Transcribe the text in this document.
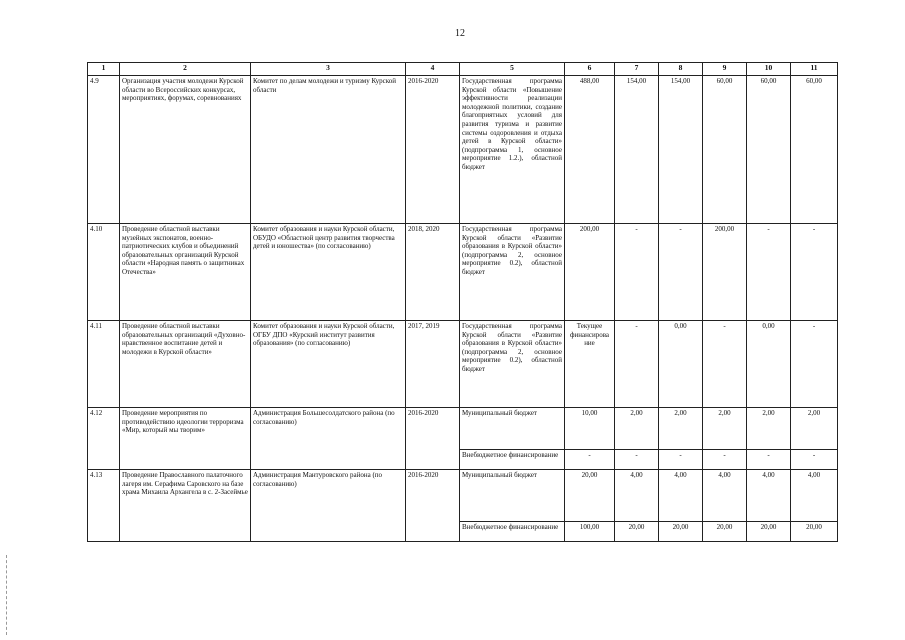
12
1	2	3	4	5	6	7	8	9	10	11
4.9	Организация участия молодежи Курской области во Всероссийских конкурсах, мероприятиях, форумах, соревнованиях	Комитет по делам молодежи и туризму Курской области	2016-2020	Государственная программа Курской области «Повышение эффективности реализации молодежной политики, создание благоприятных условий для развития туризма и развитие системы оздоровления и отдыха детей в Курской области» (подпрограмма 1, основное мероприятие 1.2.), областной бюджет	488,00	154,00	154,00	60,00	60,00	60,00
4.10	Проведение областной выставки музейных экспонатов, военно-патриотических клубов и объединений образовательных организаций Курской области «Народная память о защитниках Отечества»	Комитет образования и науки Курской области, ОБУДО «Областной центр развития творчества детей и юношества» (по согласованию)	2018, 2020	Государственная программа Курской области «Развитие образования в Курской области» (подпрограмма 2, основное мероприятие 0.2), областной бюджет	200,00	-	-	200,00	-	-
4.11	Проведение областной выставки образовательных организаций «Духовно-нравственное воспитание детей и молодежи в Курской области»	Комитет образования и науки Курской области, ОГБУ ДПО «Курский институт развития образования» (по согласованию)	2017, 2019	Государственная программа Курской области «Развитие образования в Курской области» (подпрограмма 2, основное мероприятие 0.2), областной бюджет	Текущее финансирова ние	-	0,00	-	0,00	-
4.12	Проведение мероприятия по противодействию идеологии терроризма «Мир, который мы творим»	Администрация Большесолдатского района (по согласованию)	2016-2020	Муниципальный бюджет	10,00	2,00	2,00	2,00	2,00	2,00
				Внебюджетное финансирование	-	-	-	-	-	-
4.13	Проведение Православного палаточного лагеря им. Серафима Саровского на базе храма Михаила Архангела в с. 2-Засеймье	Администрация Мантуровского района (по согласованию)	2016-2020	Муниципальный бюджет	20,00	4,00	4,00	4,00	4,00	4,00
				Внебюджетное финансирование	100,00	20,00	20,00	20,00	20,00	20,00
